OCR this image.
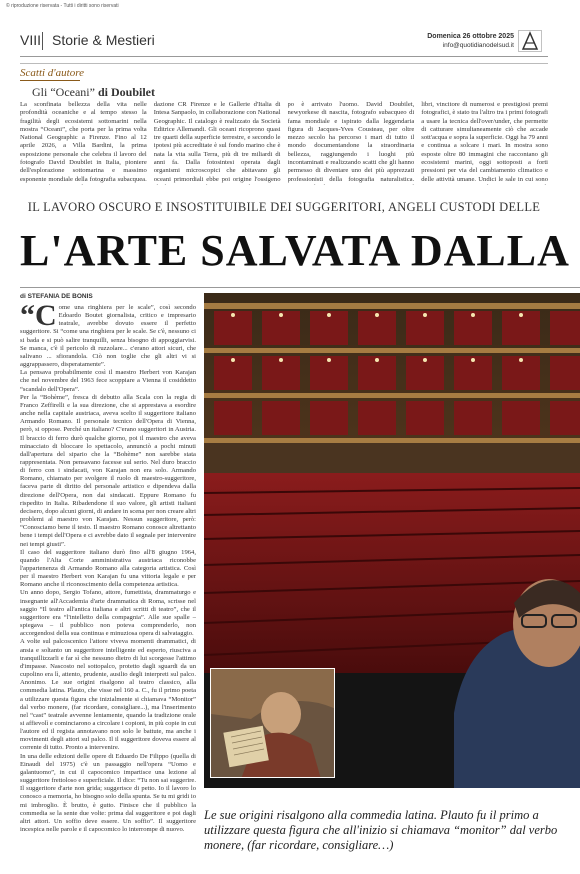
© riproduzione riservata - Tutti i diritti sono riservati
VIII Storie & Mestieri	Domenica 26 ottobre 2025
info@quotidianodelsud.it
Scatti d'autore
Gli “Oceani” di Doubilet
La sconfinata bellezza della vita nelle profondità oceaniche e al tempo stesso la fragilità degli ecosistemi sottomarini nella mostra “Oceani”, che porta per la prima volta National Geographic a Firenze. Fino al 12 aprile 2026, a Villa Bardini, la prima esposizione personale che celebra il lavoro del fotografo David Doubilet in Italia, pioniere dell'esplorazione sottomarina e massimo esponente mondiale della fotografia subacquea.
dazione CR Firenze e le Gallerie d'Italia di Intesa Sanpaolo, in collaborazione con National Geographic. Il catalogo è realizzato da Società Editrice Allemandi. Gli oceani ricoprono quasi tre quarti della superficie terrestre, e secondo le ipotesi più accreditate è sul fondo marino che è nata la vita sulla Terra, più di tre miliardi di anni fa. Dalla fotosintesi operata dagli organismi microscopici che abitavano gli oceani primordiali ebbe poi origine l'ossigeno
po è arrivato l'uomo. David Doubilet, newyorkese di nascita, fotografo subacqueo di fama mondiale e ispirato dalla leggendaria figura di Jacques-Yves Cousteau, per oltre mezzo secolo ha percorso i mari di tutto il mondo documentandone la straordinaria bellezza, raggiungendo i luoghi più incontaminati e realizzando scatti che gli hanno permesso di diventare uno dei più apprezzati professionisti della fotografia naturalistica.
libri, vincitore di numerosi e prestigiosi premi fotografici, è stato tra l'altro tra i primi fotografi a usare la tecnica dell'over/under, che permette di catturare simultaneamente ciò che accade sott'acqua e sopra la superficie. Oggi ha 79 anni e continua a solcare i mari. In mostra sono esposte oltre 80 immagini che raccontano gli ecosistemi marini, oggi sottoposti a forti pressioni per via del cambiamento climatico e delle attività umane. Undici le sale in cui sono
IL LAVORO OSCURO E INSOSTITUIBILE DEI SUGGERITORI, ANGELI CUSTODI DELLE
L'ARTE SALVATA DALLA
di STEFANIA DE BONIS
“C ome una ringhiera per le scale”, così secondo Edoardo Boutet giornalista, critico e impresario teatrale, avrebbe dovuto essere il perfetto suggeritore. Si “come una ringhiera per le scale. Se c'è, nessuno ci si bada e si può salire tranquilli, senza bisogno di appoggiarvisi. Se manca, c'è il pericolo di ruzzolare... c'erano attori sicuri, che salivano ... sfiorandola. Ciò non toglie che gli altri vi si aggrappassero, disperatamente”.

La pensava probabilmente così il maestro Herbert von Karajan che nel novembre del 1963 fece scoppiare a Vienna il cosiddetto “scandalo dell'Opera”.

Per la “Bohème”, fresca di debutto alla Scala con la regia di Franco Zeffirelli e la sua direzione, che si apprestava a esordire anche nella capitale austriaca, aveva scelto il suggeritore italiano Armando Romano. Il personale tecnico dell'Opera di Vienna, però, si oppose. Perché un italiano? C'erano suggeritori in Austria. Il braccio di ferro durò qualche giorno, poi il maestro che aveva minacciato di bloccare lo spettacolo, annunciò a pochi minuti dall'apertura del sipario che la “Bohème” non sarebbe stata rappresentata. Non pensavano facesse sul serio. Nel duro braccio di ferro con i sindacati, von Karajan non era solo. Armando Romano, chiamato per svolgere il ruolo di maestro-suggeritore, faceva parte di diritto del personale artistico e dipendeva dalla direzione dell'Opera, non dai sindacati. Eppure Romano fu rispedito in Italia. Ribadendone il suo valore, gli artisti italiani decisero, dopo alcuni giorni, di andare in scena per non creare altri problemi al maestro von Karajan. Nessun suggeritore, però: “Conosciamo bene il testo. Il maestro Romano conosce altrettanto bene i tempi dell'Opera e ci avrebbe dato il segnale per intervenire nei tempi giusti”.

Il caso del suggeritore italiano durò fino all'8 giugno 1964, quando l'Alta Corte amministrativa austriaca riconobbe l'appartenenza di Armando Romano alla categoria artistica. Così per il maestro Herbert von Karajan fu una vittoria legale e per Romano anche il riconoscimento della competenza artistica.

Un anno dopo, Sergio Tofano, attore, fumettista, drammaturgo e insegnante all'Accademia d'arte drammatica di Roma, scrisse nel saggio “Il teatro all'antica italiana e altri scritti di teatro”, che il suggeritore era “l'intelletto della compagnia”. Alle sue spalle – spiegava – il pubblico non poteva comprenderlo, non accorgendosi della sua continua e minuziosa opera di salvataggio.

A volte sul palcoscenico l'attore viveva momenti drammatici, di ansia e soltanto un suggeritore intelligente ed esperto, riusciva a tranquillizzarli e far sì che nessuno dietro di lui scorgesse l'attimo d'impasse. Nascosto nel sottopalco, protetto dagli sguardi da un cupolino era lì, attento, prudente, ausilio degli interpreti sul palco. Anonimo. Le sue origini risalgono al teatro classico, alla commedia latina. Plauto, che visse nel 160 a. C., fu il primo poeta a utilizzare questa figura che inizialmente si chiamava “Monitor” dal verbo monere, (far ricordare, consigliare...), ma l'inserimento nel “cast” teatrale avvenne lentamente, quando la tradizione orale si affievolì e cominciarono a circolare i copioni, in più copie in cui l'autore ed il regista annotavano non solo le battute, ma anche i movimenti degli attori sul palco. Il il suggeritore doveva essere al corrente di tutto. Pronto a intervenire.

In una delle edizioni delle opere di Eduardo De Filippo (quella di Einaudi del 1975) c'è un passaggio nell'opera “Uomo e galantuomo”, in cui il capocomico impartisce una lezione al suggeritore frettoloso e superficiale. Il dice: “Tu non sai suggerire. Il suggeritore d'arte non grida; suggerisce di petto. Io il lavoro lo conosco a memoria, ho bisogno solo della spunta. Se tu mi gridi io mi imbroglio. È brutto, è gutto. Finisce che il pubblico la commedia se la sente due volte: prima dal suggeritore e poi dagli altri attori. Un soffio deve essere. Un soffio”. Il suggeritore incespica nelle parole e il capocomico lo interrompe di nuovo.

Le sue origini risalgono alla commedia latina. Plauto fu il primo a utilizzare questa figura che all'inizio si chiamava “monitor” dal verbo monere, (far ricordare, consigliare…)
